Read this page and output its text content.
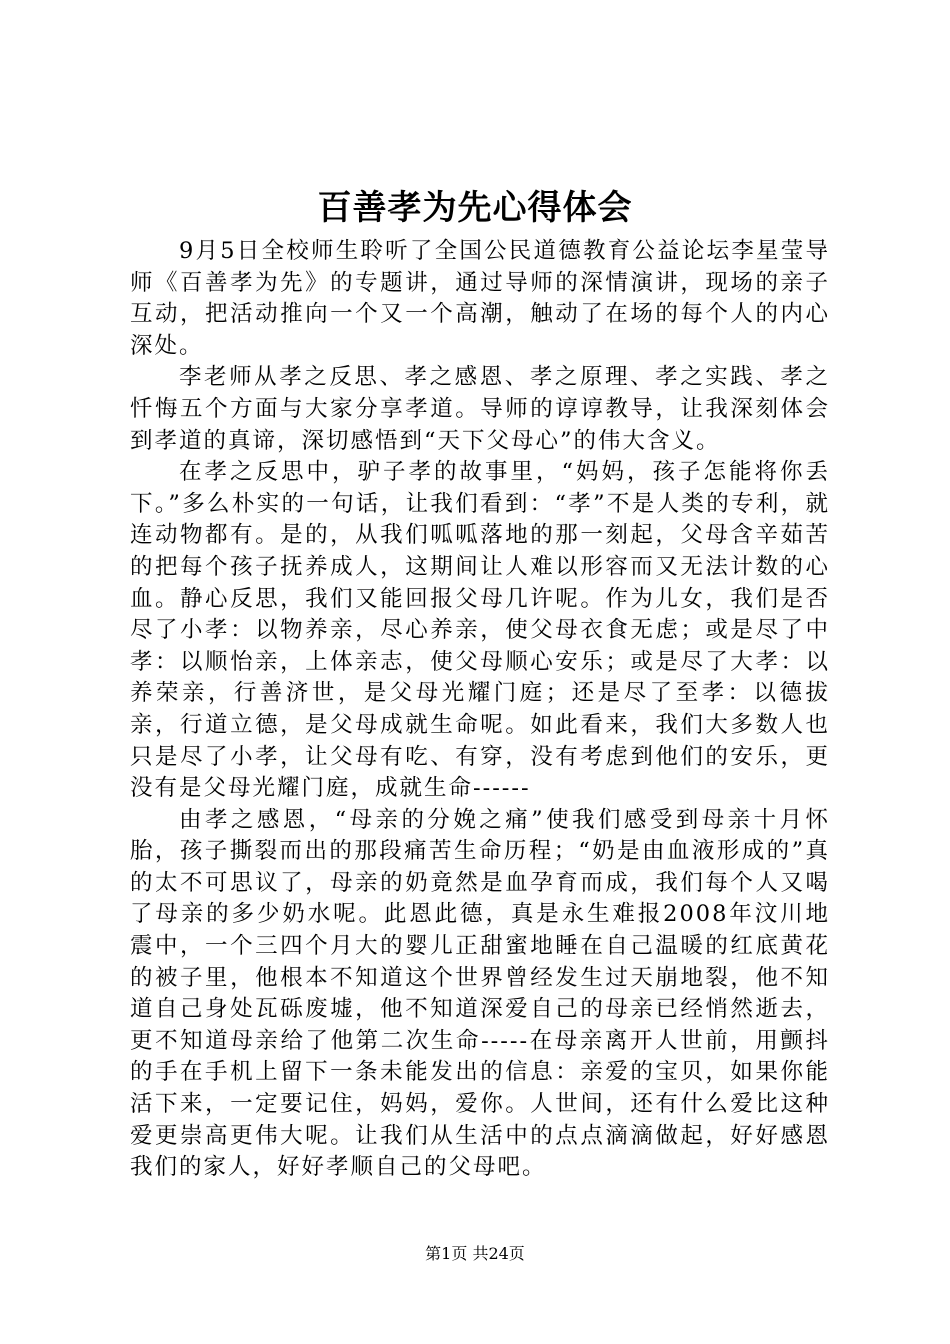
百善孝为先心得体会

9月5日全校师生聆听了全国公民道德教育公益论坛李星莹导师《百善孝为先》的专题讲，通过导师的深情演讲，现场的亲子互动，把活动推向一个又一个高潮，触动了在场的每个人的内心深处。

李老师从孝之反思、孝之感恩、孝之原理、孝之实践、孝之忏悔五个方面与大家分享孝道。导师的谆谆教导，让我深刻体会到孝道的真谛，深切感悟到“天下父母心”的伟大含义。

在孝之反思中，驴子孝的故事里，“妈妈，孩子怎能将你丢下。”多么朴实的一句话，让我们看到：“孝”不是人类的专利，就连动物都有。是的，从我们呱呱落地的那一刻起，父母含辛茹苦的把每个孩子抚养成人，这期间让人难以形容而又无法计数的心血。静心反思，我们又能回报父母几许呢。作为儿女，我们是否尽了小孝：以物养亲，尽心养亲，使父母衣食无虑；或是尽了中孝：以顺怡亲，上体亲志，使父母顺心安乐；或是尽了大孝：以养荣亲，行善济世，是父母光耀门庭；还是尽了至孝：以德拔亲，行道立德，是父母成就生命呢。如此看来，我们大多数人也只是尽了小孝，让父母有吃、有穿，没有考虑到他们的安乐，更没有是父母光耀门庭，成就生命------

由孝之感恩，“母亲的分娩之痛”使我们感受到母亲十月怀胎，孩子撕裂而出的那段痛苦生命历程；“奶是由血液形成的”真的太不可思议了，母亲的奶竟然是血孕育而成，我们每个人又喝了母亲的多少奶水呢。此恩此德，真是永生难报2008年汶川地震中，一个三四个月大的婴儿正甜蜜地睡在自己温暖的红底黄花的被子里，他根本不知道这个世界曾经发生过天崩地裂，他不知道自己身处瓦砾废墟，他不知道深爱自己的母亲已经悄然逝去，更不知道母亲给了他第二次生命-----在母亲离开人世前，用颤抖的手在手机上留下一条未能发出的信息：亲爱的宝贝，如果你能活下来，一定要记住，妈妈，爱你。人世间，还有什么爱比这种爱更崇高更伟大呢。让我们从生活中的点点滴滴做起，好好感恩我们的家人，好好孝顺自己的父母吧。

第1页 共24页
